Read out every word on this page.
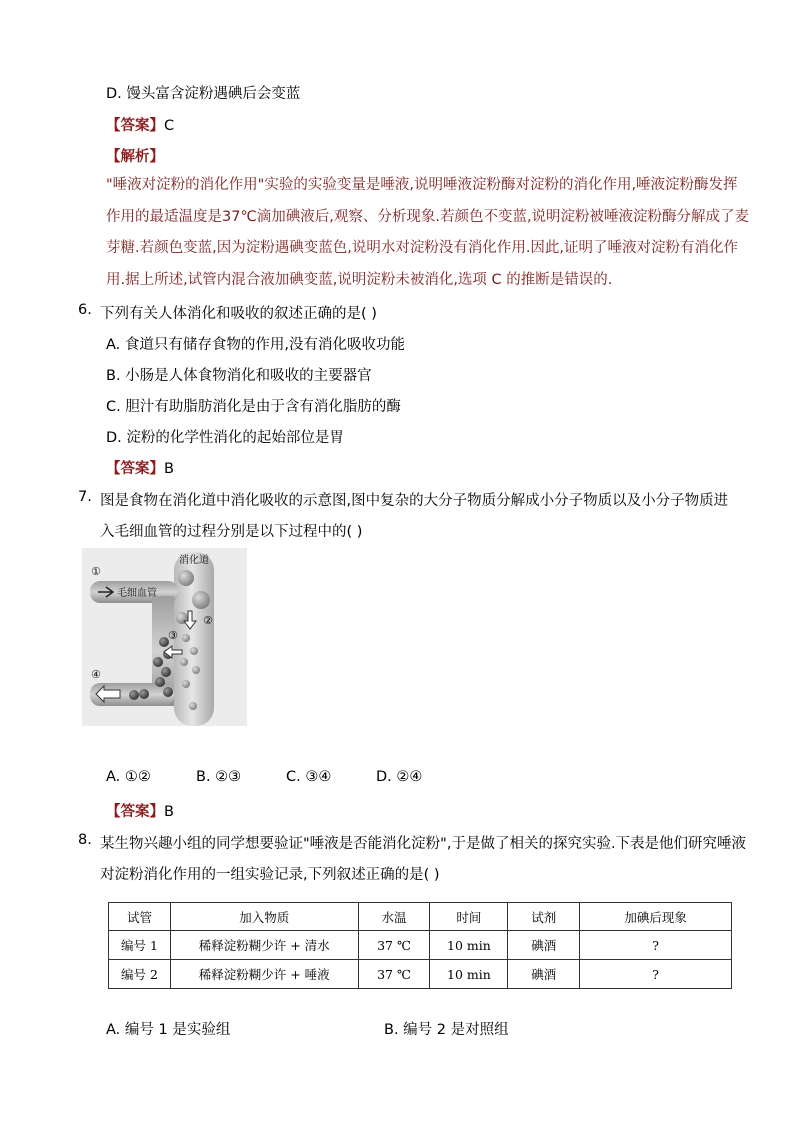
D. 馒头富含淀粉遇碘后会变蓝
【答案】C
【解析】

"唾液对淀粉的消化作用"实验的实验变量是唾液,说明唾液淀粉酶对淀粉的消化作用,唾液淀粉酶发挥

作用的最适温度是37℃滴加碘液后,观察、分析现象.若颜色不变蓝,说明淀粉被唾液淀粉酶分解成了麦

芽糖.若颜色变蓝,因为淀粉遇碘变蓝色,说明水对淀粉没有消化作用.因此,证明了唾液对淀粉有消化作

用.据上所述,试管内混合液加碘变蓝,说明淀粉未被消化,选项 C 的推断是错误的.

6. 下列有关人体消化和吸收的叙述正确的是( )
A. 食道只有储存食物的作用,没有消化吸收功能
B. 小肠是人体食物消化和吸收的主要器官
C. 胆汁有助脂肪消化是由于含有消化脂肪的酶
D. 淀粉的化学性消化的起始部位是胃
【答案】B
7. 图是食物在消化道中消化吸收的示意图,图中复杂的大分子物质分解成小分子物质以及小分子物质进
入毛细血管的过程分别是以下过程中的( )
消化道
毛细血管
①
②
③
④
A. ①②	B. ②③	C. ③④	D. ②④
【答案】B
8. 某生物兴趣小组的同学想要验证"唾液是否能消化淀粉",于是做了相关的探究实验.下表是他们研究唾液
对淀粉消化作用的一组实验记录,下列叙述正确的是( )
试管	加入物质	水温	时间	试剂	加碘后现象
编号 1	稀释淀粉糊少许 + 清水	37 ℃	10 min	碘酒	?
编号 2	稀释淀粉糊少许 + 唾液	37 ℃	10 min	碘酒	?
A. 编号 1 是实验组	B. 编号 2 是对照组
